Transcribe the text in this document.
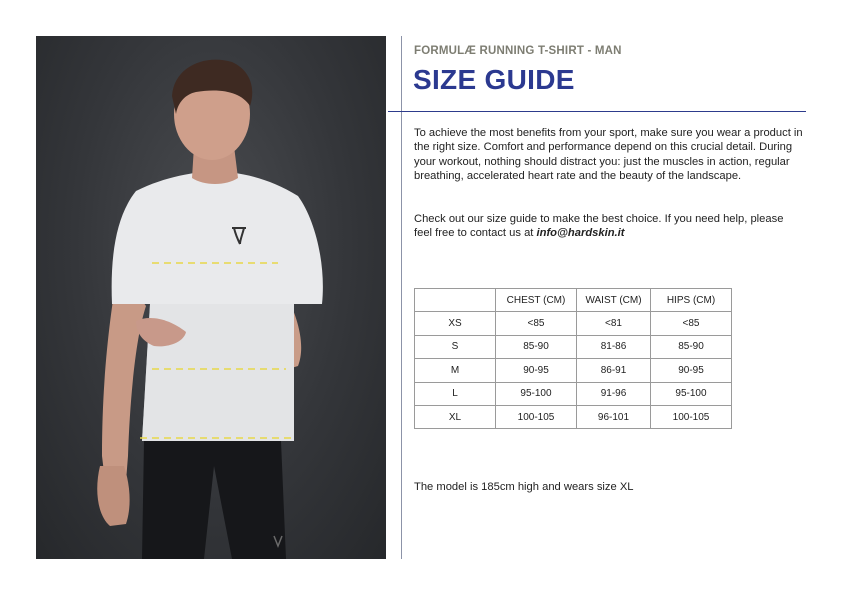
FORMULÆ RUNNING T-SHIRT - MAN
SIZE GUIDE
To achieve the most benefits from your sport, make sure you wear a product in the right size. Comfort and performance depend on this crucial detail. During your workout, nothing should distract you: just the muscles in action, regular breathing, accelerated heart rate and the beauty of the landscape.
Check out our size guide to make the best choice. If you need help, please feel free to contact us at info@hardskin.it
	CHEST (CM)	WAIST (CM)	HIPS (CM)
XS	<85	<81	<85
S	85-90	81-86	85-90
M	90-95	86-91	90-95
L	95-100	91-96	95-100
XL	100-105	96-101	100-105
The model is 185cm high and wears size XL
